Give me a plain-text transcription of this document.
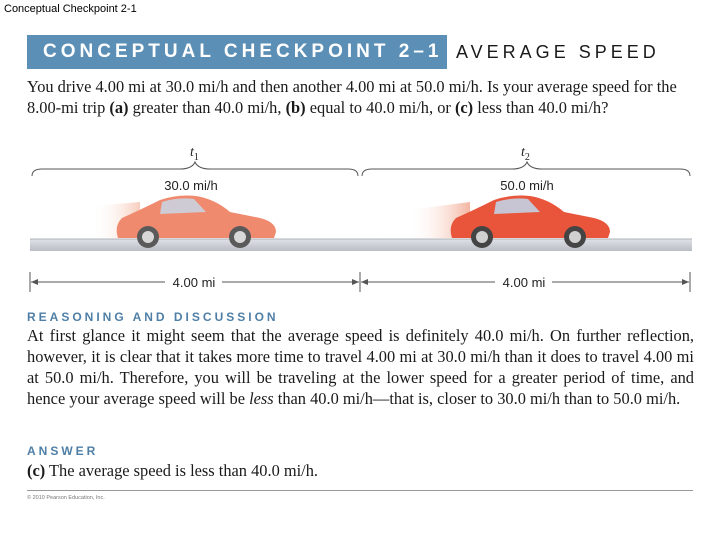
Conceptual Checkpoint 2-1
CONCEPTUAL CHECKPOINT 2–1 AVERAGE SPEED
You drive 4.00 mi at 30.0 mi/h and then another 4.00 mi at 50.0 mi/h. Is your average speed for the 8.00-mi trip (a) greater than 40.0 mi/h, (b) equal to 40.0 mi/h, or (c) less than 40.0 mi/h?
$t_1$	$t_2$
30.0 mi/h	50.0 mi/h
4.00 mi	4.00 mi
REASONING AND DISCUSSION
At first glance it might seem that the average speed is definitely 40.0 mi/h. On further reflection, however, it is clear that it takes more time to travel 4.00 mi at 30.0 mi/h than it does to travel 4.00 mi at 50.0 mi/h. Therefore, you will be traveling at the lower speed for a greater period of time, and hence your average speed will be less than 40.0 mi/h—that is, closer to 30.0 mi/h than to 50.0 mi/h.
ANSWER
(c) The average speed is less than 40.0 mi/h.
© 2010 Pearson Education, Inc.
